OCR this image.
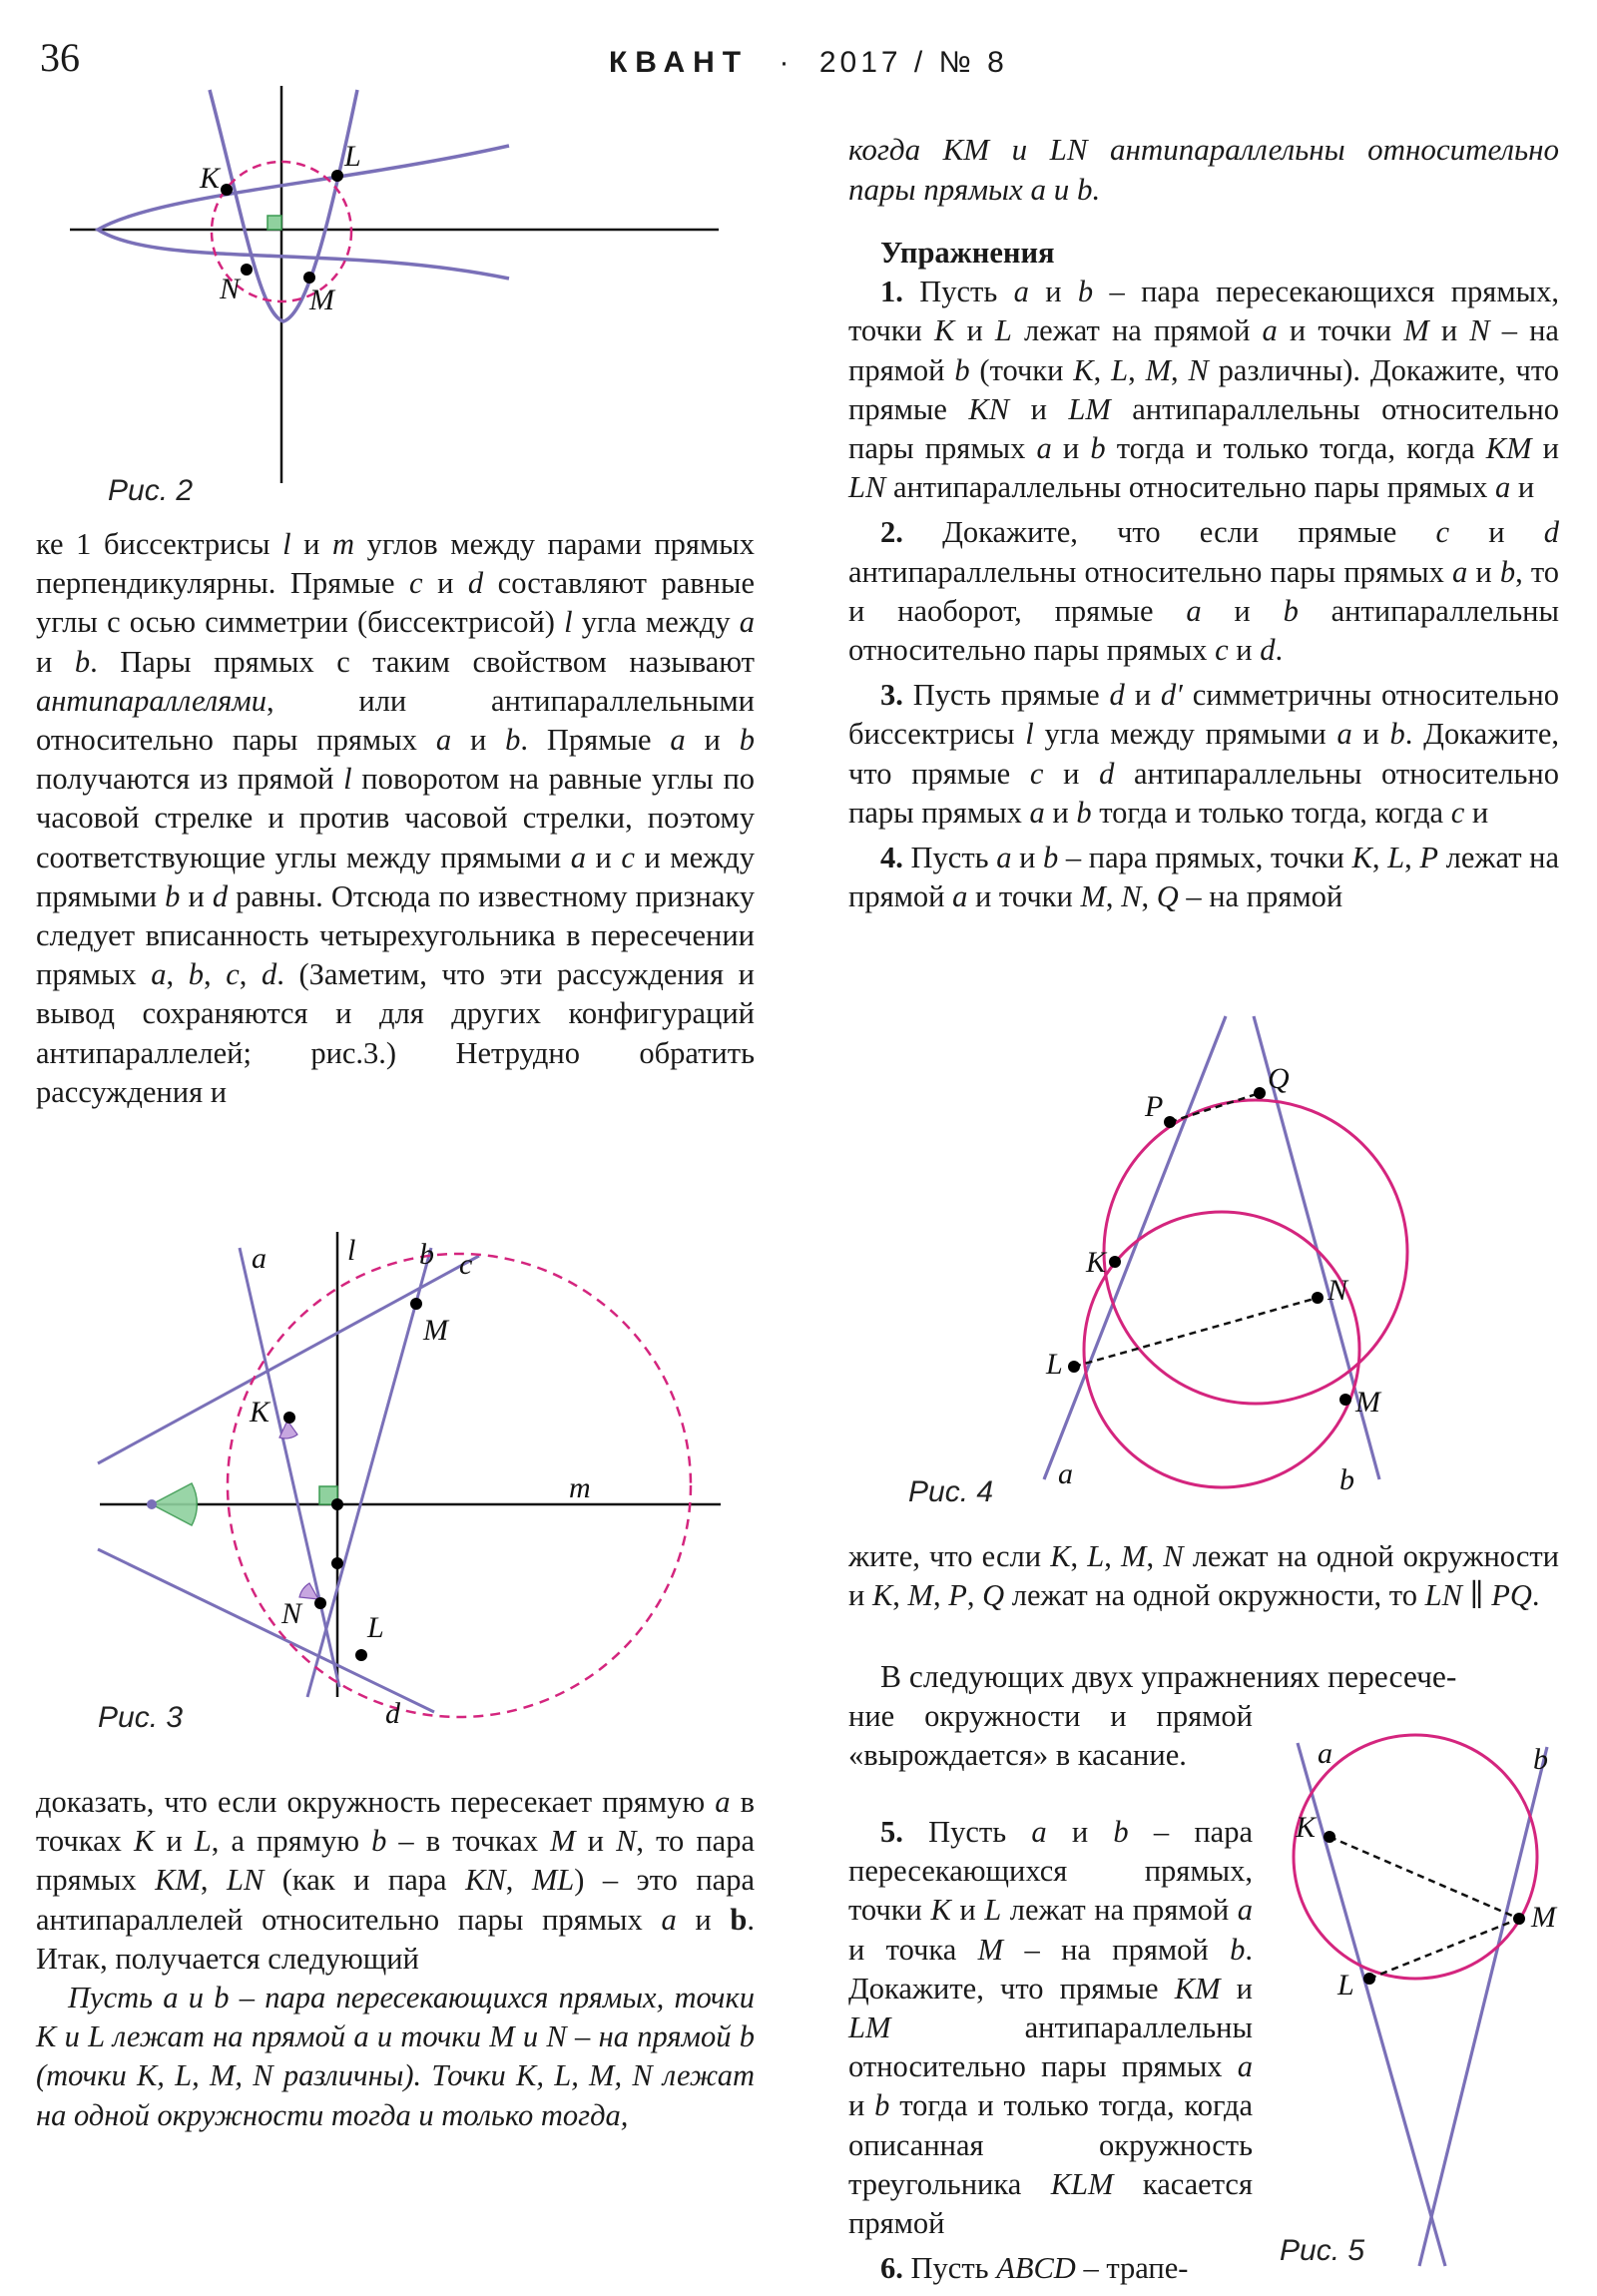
36	КВАНТ · 2017 / № 8
K
L
N M
Рис. 2

ке 1 биссектрисы l и m углов между парами прямых перпендикулярны. Прямые c и d составляют равные углы с осью симметрии (биссектрисой) l угла между a и b. Пары прямых с таким свойством называют антипараллелями, или антипараллельными относительно пары прямых a и b. Прямые a и b получаются из прямой l поворотом на равные углы по часовой стрелке и против часовой стрелки, поэтому соответствующие углы между прямыми a и c и между прямыми b и d равны. Отсюда по известному признаку следует вписанность четырехугольника в пересечении прямых a, b, c, d. (Заметим, что эти рассуждения и вывод сохраняются и для других конфигураций антипараллелей; рис.3.) Нетрудно обратить рассуждения и

a	l b c
M
K
m
N L
d
Рис. 3

доказать, что если окружность пересекает прямую a в точках K и L, а прямую b – в точках M и N, то пара прямых KM, LN (как и пара KN, ML) – это пара антипараллелей относительно пары прямых a и b. Итак, получается следующий

Пусть a и b – пара пересекающихся прямых, точки K и L лежат на прямой a и точки M и N – на прямой b (точки K, L, M, N различны). Точки K, L, M, N лежат на одной окружности тогда и только тогда,

когда KM и LN антипараллельны относительно пары прямых a и b.

Упражнения

1. Пусть a и b – пара пересекающихся прямых, точки K и L лежат на прямой a и точки M и N – на прямой b (точки K, L, M, N различны). Докажите, что прямые KN и LM антипараллельны относительно пары прямых a и b тогда и только тогда, когда KM и LN антипараллельны относительно пары прямых a и

2. Докажите, что если прямые c и d антипараллельны относительно пары прямых a и b, то и наоборот, прямые a и b антипараллельны относительно пары прямых c и d.

3. Пусть прямые d и d′ симметричны относительно биссектрисы l угла между прямыми a и b. Докажите, что прямые c и d антипараллельны относительно пары прямых a и b тогда и только тогда, когда c и

4. Пусть a и b – пара прямых, точки K, L, P лежат на прямой a и точки M, N, Q – на прямой

P
Q
K
N
L
M
a	b
Рис. 4

жите, что если K, L, M, N лежат на одной окружности и K, M, P, Q лежат на одной окружности, то LN ∥ PQ.

В следующих двух упражнениях пересече-
ние окружности и прямой «вырождается» в касание.

5. Пусть a и b – пара пересекающихся прямых, точки K и L лежат на прямой a и точка M – на прямой b. Докажите, что прямые KM и LM антипараллельны относительно пары прямых a и b тогда и только тогда, когда описанная окружность треугольника KLM касается прямой

6. Пусть ABCD – трапе-

a	b
K
M
L
Рис. 5
